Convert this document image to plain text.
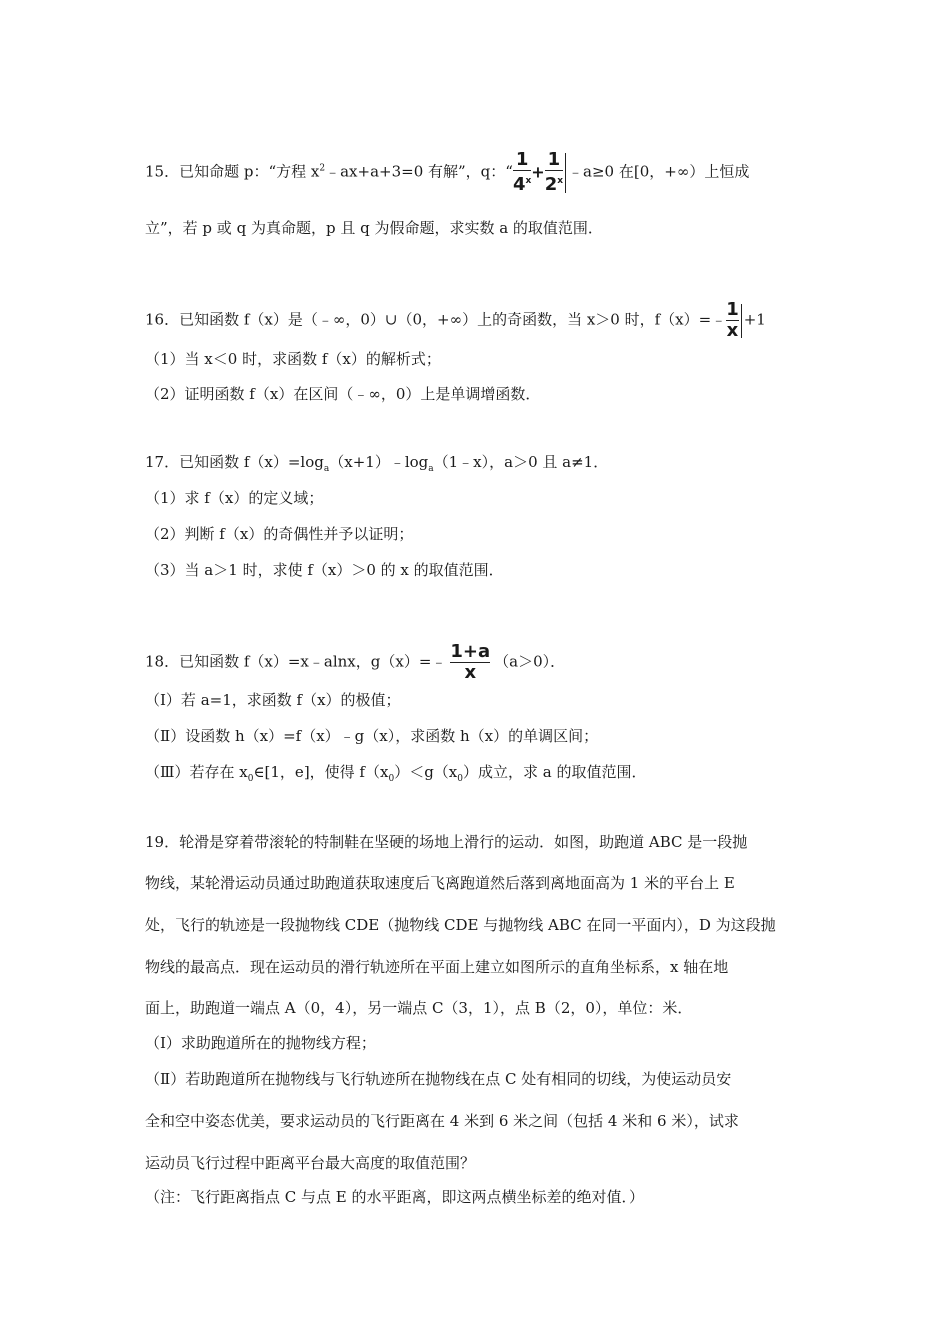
15．已知命题 p：“方程 $x^2﹣ax+a+3=0$ 有解”，q：“ $\frac{1}{4^x} + \frac{1}{2^x}$ ﹣a≥0 在[0，+∞）上恒成
立”，若 p 或 q 为真命题，p 且 q 为假命题，求实数 a 的取值范围．
16．已知函数 f（x）是（﹣∞，0）∪（0，+∞）上的奇函数，当 x＞0 时，f（x）=﹣ $\frac{1}{x} +1$
（1）当 x＜0 时，求函数 f（x）的解析式；
（2）证明函数 f（x）在区间（﹣∞，0）上是单调增函数．
17．已知函数 $f(x)=\log_a(x+1)﹣\log_a(1﹣x)$，a＞0 且 a≠1．
（1）求 f（x）的定义域；
（2）判断 f（x）的奇偶性并予以证明；
（3）当 a＞1 时，求使 f（x）＞0 的 x 的取值范围．
18．已知函数 f（x）=x﹣alnx，g（x）=﹣ $\frac{1+a}{x} (a>0)$．
（Ⅰ）若 a=1，求函数 f（x）的极值；
（Ⅱ）设函数 h（x）=f（x）﹣g（x），求函数 h（x）的单调区间；
（Ⅲ）若存在 $x_0\in[1$，e]，使得 $f(x_0)<g(x_0)$成立，求 a 的取值范围．
19．轮滑是穿着带滚轮的特制鞋在坚硬的场地上滑行的运动．如图，助跑道 ABC 是一段抛
物线，某轮滑运动员通过助跑道获取速度后飞离跑道然后落到离地面高为 1 米的平台上 E
处，飞行的轨迹是一段抛物线 CDE（抛物线 CDE 与抛物线 ABC 在同一平面内），D 为这段抛
物线的最高点．现在运动员的滑行轨迹所在平面上建立如图所示的直角坐标系，x 轴在地
面上，助跑道一端点 A（0，4），另一端点 C（3，1），点 B（2，0），单位：米．
（Ⅰ）求助跑道所在的抛物线方程；
（Ⅱ）若助跑道所在抛物线与飞行轨迹所在抛物线在点 C 处有相同的切线，为使运动员安
全和空中姿态优美，要求运动员的飞行距离在 4 米到 6 米之间（包括 4 米和 6 米），试求
运动员飞行过程中距离平台最大高度的取值范围？
（注：飞行距离指点 C 与点 E 的水平距离，即这两点横坐标差的绝对值．）
